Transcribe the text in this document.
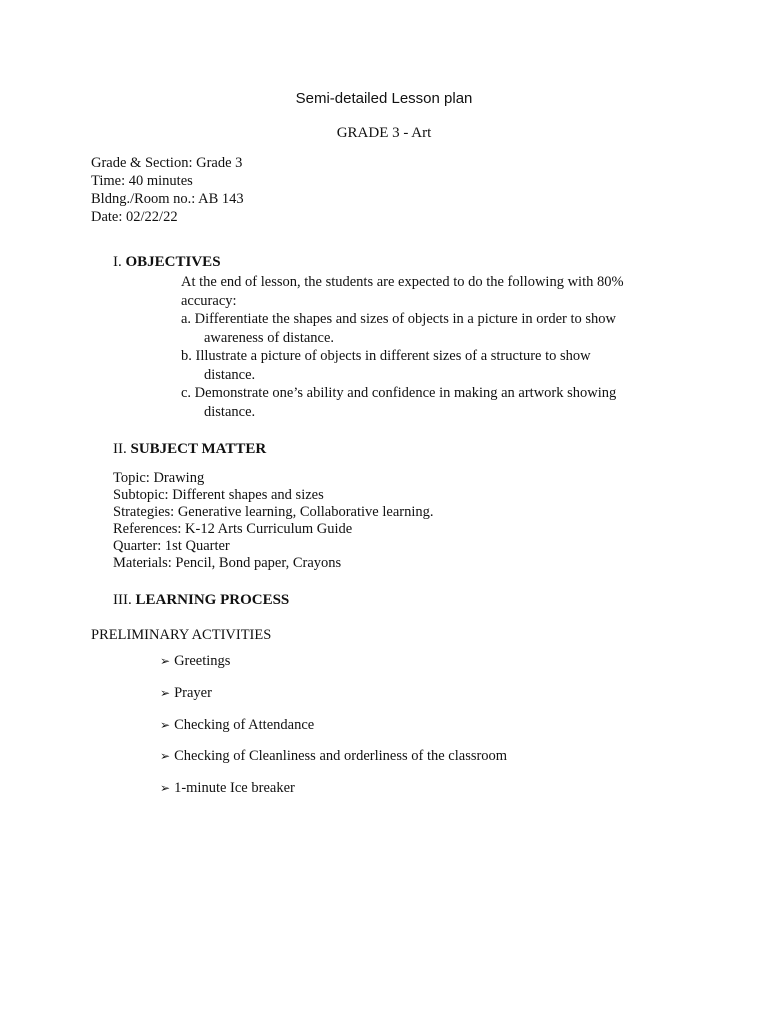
Semi-detailed Lesson plan
GRADE 3 - Art
Grade & Section: Grade 3
Time: 40 minutes
Bldng./Room no.: AB 143
Date: 02/22/22
I. OBJECTIVES
At the end of lesson, the students are expected to do the following with 80%
accuracy:
a. Differentiate the shapes and sizes of objects in a picture in order to show
awareness of distance.
b. Illustrate a picture of objects in different sizes of a structure to show
distance.
c. Demonstrate one’s ability and confidence in making an artwork showing
distance.
II. SUBJECT MATTER
Topic: Drawing
Subtopic: Different shapes and sizes
Strategies: Generative learning, Collaborative learning.
References: K-12 Arts Curriculum Guide
Quarter: 1st Quarter
Materials: Pencil, Bond paper, Crayons
III. LEARNING PROCESS
PRELIMINARY ACTIVITIES
➢ Greetings
➢ Prayer
➢ Checking of Attendance
➢ Checking of Cleanliness and orderliness of the classroom
➢ 1-minute Ice breaker
